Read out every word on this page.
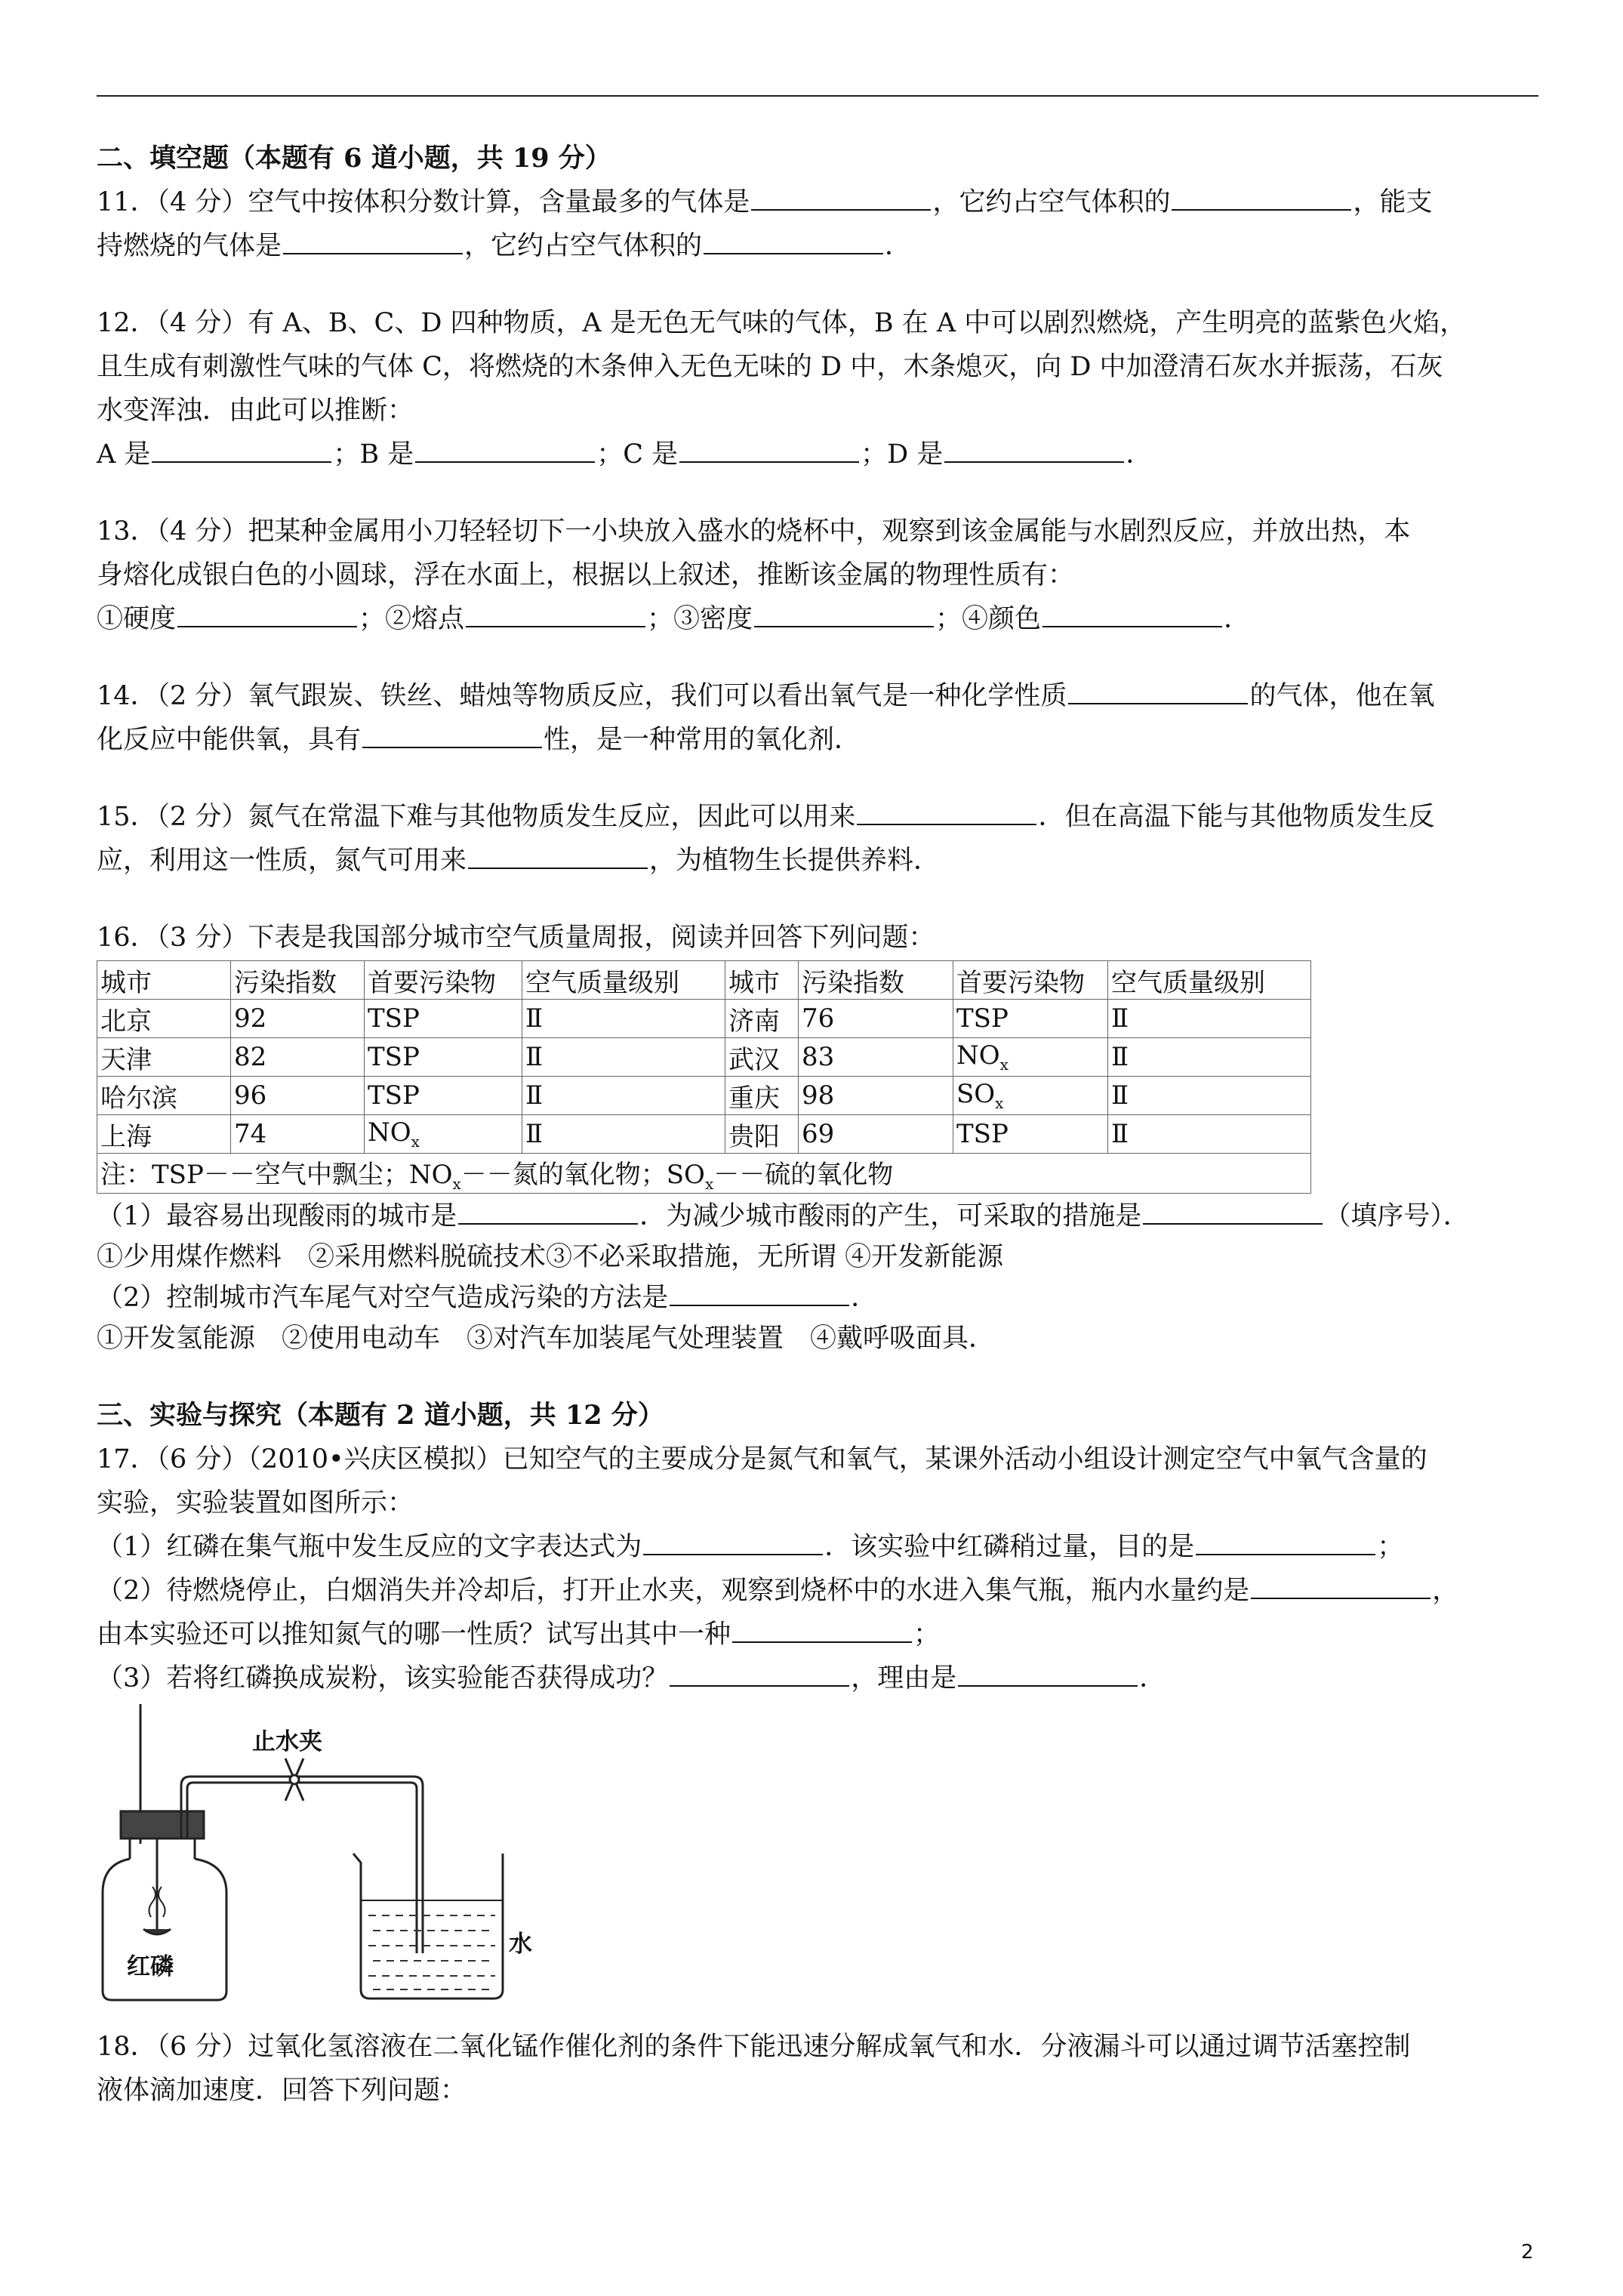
二、填空题（本题有 6 道小题，共 19 分）
11．（4 分）空气中按体积分数计算，含量最多的气体是	，它约占空气体积的	，能支
持燃烧的气体是	，它约占空气体积的	．
12．（4 分）有 A、B、C、D 四种物质，A 是无色无气味的气体，B 在 A 中可以剧烈燃烧，产生明亮的蓝紫色火焰，
且生成有刺激性气味的气体 C，将燃烧的木条伸入无色无味的 D 中，木条熄灭，向 D 中加澄清石灰水并振荡，石灰
水变浑浊．由此可以推断：
A 是	；B 是	；C 是	；D 是	．
13．（4 分）把某种金属用小刀轻轻切下一小块放入盛水的烧杯中，观察到该金属能与水剧烈反应，并放出热，本
身熔化成银白色的小圆球，浮在水面上，根据以上叙述，推断该金属的物理性质有：
①硬度	；②熔点	；③密度	；④颜色	．
14．（2 分）氧气跟炭、铁丝、蜡烛等物质反应，我们可以看出氧气是一种化学性质	的气体，他在氧
化反应中能供氧，具有	性，是一种常用的氧化剂．
15．（2 分）氮气在常温下难与其他物质发生反应，因此可以用来	．但在高温下能与其他物质发生反
应，利用这一性质，氮气可用来	，为植物生长提供养料．
16．（3 分）下表是我国部分城市空气质量周报，阅读并回答下列问题：
城市	污染指数	首要污染物	空气质量级别	城市	污染指数	首要污染物	空气质量级别
北京	92	TSP	Ⅱ	济南	76	TSP	Ⅱ
天津	82	TSP	Ⅱ	武汉	83	$NO_x$	Ⅱ
哈尔滨	96	TSP	Ⅱ	重庆	98	$SO_x$	Ⅱ
上海	74	$NO_x$	Ⅱ	贵阳	69	TSP	Ⅱ
注：TSP－－空气中飘尘；$NO_x--$氮的氧化物；$SO_x--$硫的氧化物							
（1）最容易出现酸雨的城市是	．为减少城市酸雨的产生，可采取的措施是	（填序号）．
①少用煤作燃料　②采用燃料脱硫技术③不必采取措施，无所谓 ④开发新能源
（2）控制城市汽车尾气对空气造成污染的方法是	．
①开发氢能源　②使用电动车　③对汽车加装尾气处理装置　④戴呼吸面具．
三、实验与探究（本题有 2 道小题，共 12 分）
17．（6 分）（2010•兴庆区模拟）已知空气的主要成分是氮气和氧气，某课外活动小组设计测定空气中氧气含量的
实验，实验装置如图所示：
（1）红磷在集气瓶中发生反应的文字表达式为	．该实验中红磷稍过量，目的是	；
（2）待燃烧停止，白烟消失并冷却后，打开止水夹，观察到烧杯中的水进入集气瓶，瓶内水量约是	，
由本实验还可以推知氮气的哪一性质？试写出其中一种	；
（3）若将红磷换成炭粉，该实验能否获得成功？	，理由是	．
止水夹
红磷
水
18．（6 分）过氧化氢溶液在二氧化锰作催化剂的条件下能迅速分解成氧气和水．分液漏斗可以通过调节活塞控制
液体滴加速度．回答下列问题：
2
